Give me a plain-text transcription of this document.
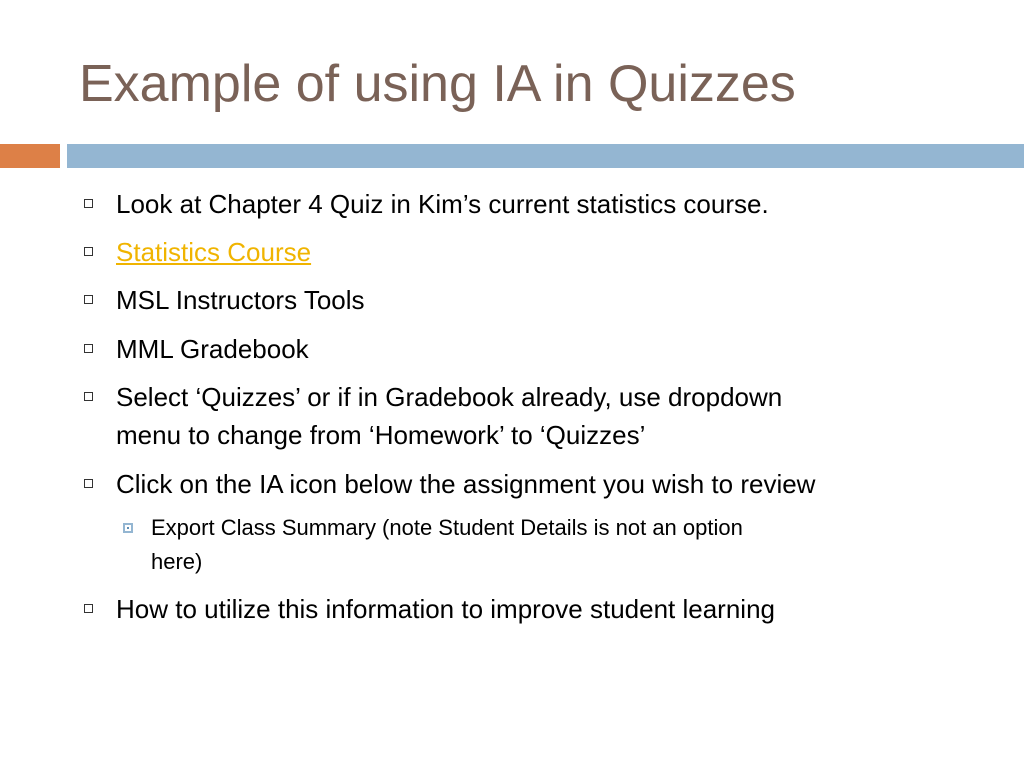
Example of using IA in Quizzes
Look at Chapter 4 Quiz in Kim’s current statistics course.
Statistics Course
MSL Instructors Tools
MML Gradebook
Select ‘Quizzes’ or if in Gradebook already, use dropdown
menu to change from ‘Homework’ to ‘Quizzes’
Click on the IA icon below the assignment you wish to review
Export Class Summary (note Student Details is not an option
here)
How to utilize this information to improve student learning
